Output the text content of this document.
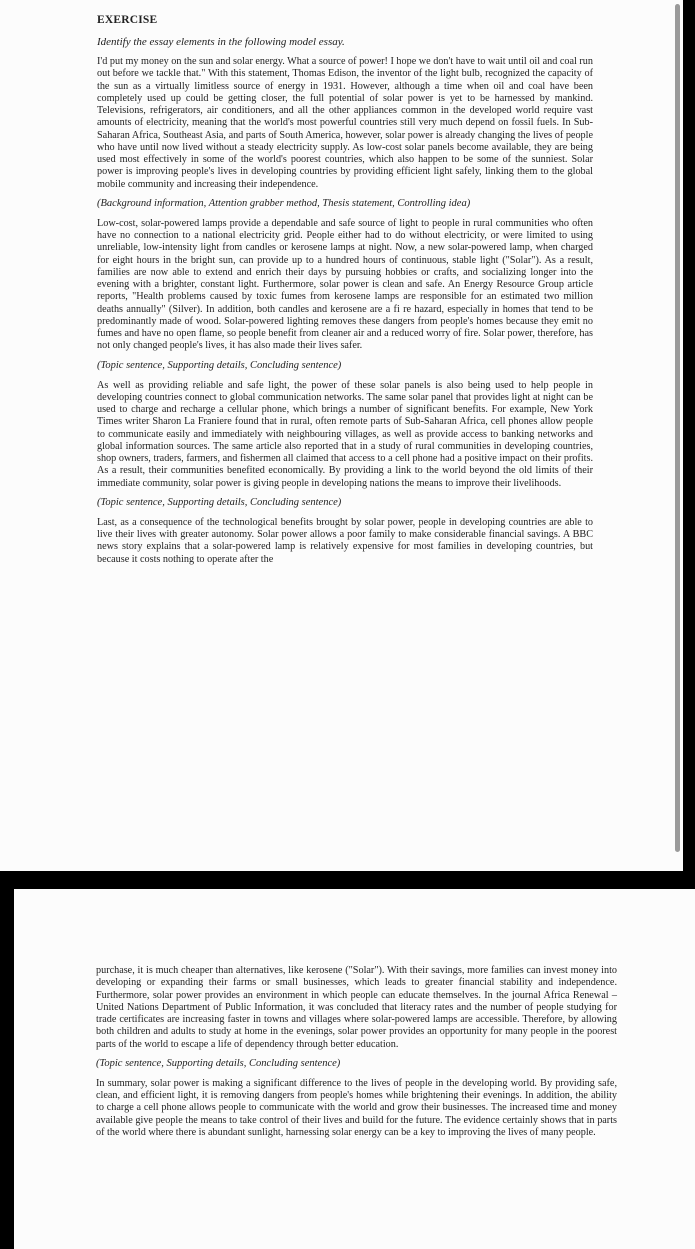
EXERCISE
Identify the essay elements in the following model essay.

I'd put my money on the sun and solar energy. What a source of power! I hope we don't have to wait until oil and coal run out before we tackle that." With this statement, Thomas Edison, the inventor of the light bulb, recognized the capacity of the sun as a virtually limitless source of energy in 1931. However, although a time when oil and coal have been completely used up could be getting closer, the full potential of solar power is yet to be harnessed by mankind. Televisions, refrigerators, air conditioners, and all the other appliances common in the developed world require vast amounts of electricity, meaning that the world's most powerful countries still very much depend on fossil fuels. In Sub-Saharan Africa, Southeast Asia, and parts of South America, however, solar power is already changing the lives of people who have until now lived without a steady electricity supply. As low-cost solar panels become available, they are being used most effectively in some of the world's poorest countries, which also happen to be some of the sunniest. Solar power is improving people's lives in developing countries by providing efficient light safely, linking them to the global mobile community and increasing their independence.

(Background information, Attention grabber method, Thesis statement, Controlling idea)

Low-cost, solar-powered lamps provide a dependable and safe source of light to people in rural communities who often have no connection to a national electricity grid. People either had to do without electricity, or were limited to using unreliable, low-intensity light from candles or kerosene lamps at night. Now, a new solar-powered lamp, when charged for eight hours in the bright sun, can provide up to a hundred hours of continuous, stable light ("Solar"). As a result, families are now able to extend and enrich their days by pursuing hobbies or crafts, and socializing longer into the evening with a brighter, constant light. Furthermore, solar power is clean and safe. An Energy Resource Group article reports, "Health problems caused by toxic fumes from kerosene lamps are responsible for an estimated two million deaths annually" (Silver). In addition, both candles and kerosene are a fi re hazard, especially in homes that tend to be predominantly made of wood. Solar-powered lighting removes these dangers from people's homes because they emit no fumes and have no open flame, so people benefit from cleaner air and a reduced worry of fire. Solar power, therefore, has not only changed people's lives, it has also made their lives safer.

(Topic sentence, Supporting details, Concluding sentence)

As well as providing reliable and safe light, the power of these solar panels is also being used to help people in developing countries connect to global communication networks. The same solar panel that provides light at night can be used to charge and recharge a cellular phone, which brings a number of significant benefits. For example, New York Times writer Sharon La Franiere found that in rural, often remote parts of Sub-Saharan Africa, cell phones allow people to communicate easily and immediately with neighbouring villages, as well as provide access to banking networks and global information sources. The same article also reported that in a study of rural communities in developing countries, shop owners, traders, farmers, and fishermen all claimed that access to a cell phone had a positive impact on their profits. As a result, their communities benefited economically. By providing a link to the world beyond the old limits of their immediate community, solar power is giving people in developing nations the means to improve their livelihoods.

(Topic sentence, Supporting details, Concluding sentence)

Last, as a consequence of the technological benefits brought by solar power, people in developing countries are able to live their lives with greater autonomy. Solar power allows a poor family to make considerable financial savings. A BBC news story explains that a solar-powered lamp is relatively expensive for most families in developing countries, but because it costs nothing to operate after the

purchase, it is much cheaper than alternatives, like kerosene ("Solar"). With their savings, more families can invest money into developing or expanding their farms or small businesses, which leads to greater financial stability and independence. Furthermore, solar power provides an environment in which people can educate themselves. In the journal Africa Renewal – United Nations Department of Public Information, it was concluded that literacy rates and the number of people studying for trade certificates are increasing faster in towns and villages where solar-powered lamps are accessible. Therefore, by allowing both children and adults to study at home in the evenings, solar power provides an opportunity for many people in the poorest parts of the world to escape a life of dependency through better education.

(Topic sentence, Supporting details, Concluding sentence)

In summary, solar power is making a significant difference to the lives of people in the developing world. By providing safe, clean, and efficient light, it is removing dangers from people's homes while brightening their evenings. In addition, the ability to charge a cell phone allows people to communicate with the world and grow their businesses. The increased time and money available give people the means to take control of their lives and build for the future. The evidence certainly shows that in parts of the world where there is abundant sunlight, harnessing solar energy can be a key to improving the lives of many people.
